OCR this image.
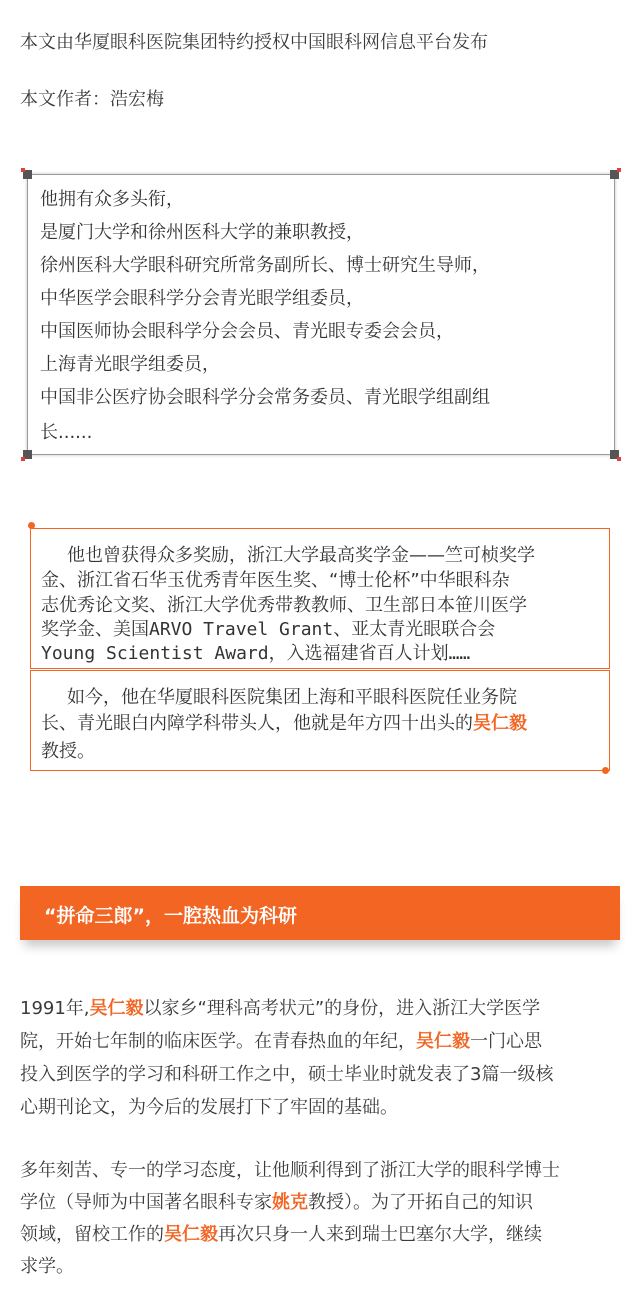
本文由华厦眼科医院集团特约授权中国眼科网信息平台发布
本文作者：浩宏梅
他拥有众多头衔，
是厦门大学和徐州医科大学的兼职教授，
徐州医科大学眼科研究所常务副所长、博士研究生导师，
中华医学会眼科学分会青光眼学组委员，
中国医师协会眼科学分会会员、青光眼专委会会员，
上海青光眼学组委员，
中国非公医疗协会眼科学分会常务委员、青光眼学组副组
长......
他也曾获得众多奖励，浙江大学最高奖学金——竺可桢奖学
金、浙江省石华玉优秀青年医生奖、“博士伦杯”中华眼科杂
志优秀论文奖、浙江大学优秀带教教师、卫生部日本笹川医学
奖学金、美国ARVO Travel Grant、亚太青光眼联合会
Young Scientist Award，入选福建省百人计划……
如今，他在华厦眼科医院集团上海和平眼科医院任业务院
长、青光眼白内障学科带头人，他就是年方四十出头的吴仁毅
教授。
“拼命三郎”，一腔热血为科研
1991年,吴仁毅以家乡“理科高考状元”的身份，进入浙江大学医学
院，开始七年制的临床医学。在青春热血的年纪，吴仁毅一门心思
投入到医学的学习和科研工作之中，硕士毕业时就发表了3篇一级核
心期刊论文，为今后的发展打下了牢固的基础。
多年刻苦、专一的学习态度，让他顺利得到了浙江大学的眼科学博士
学位（导师为中国著名眼科专家姚克教授）。为了开拓自己的知识
领域，留校工作的吴仁毅再次只身一人来到瑞士巴塞尔大学，继续
求学。
